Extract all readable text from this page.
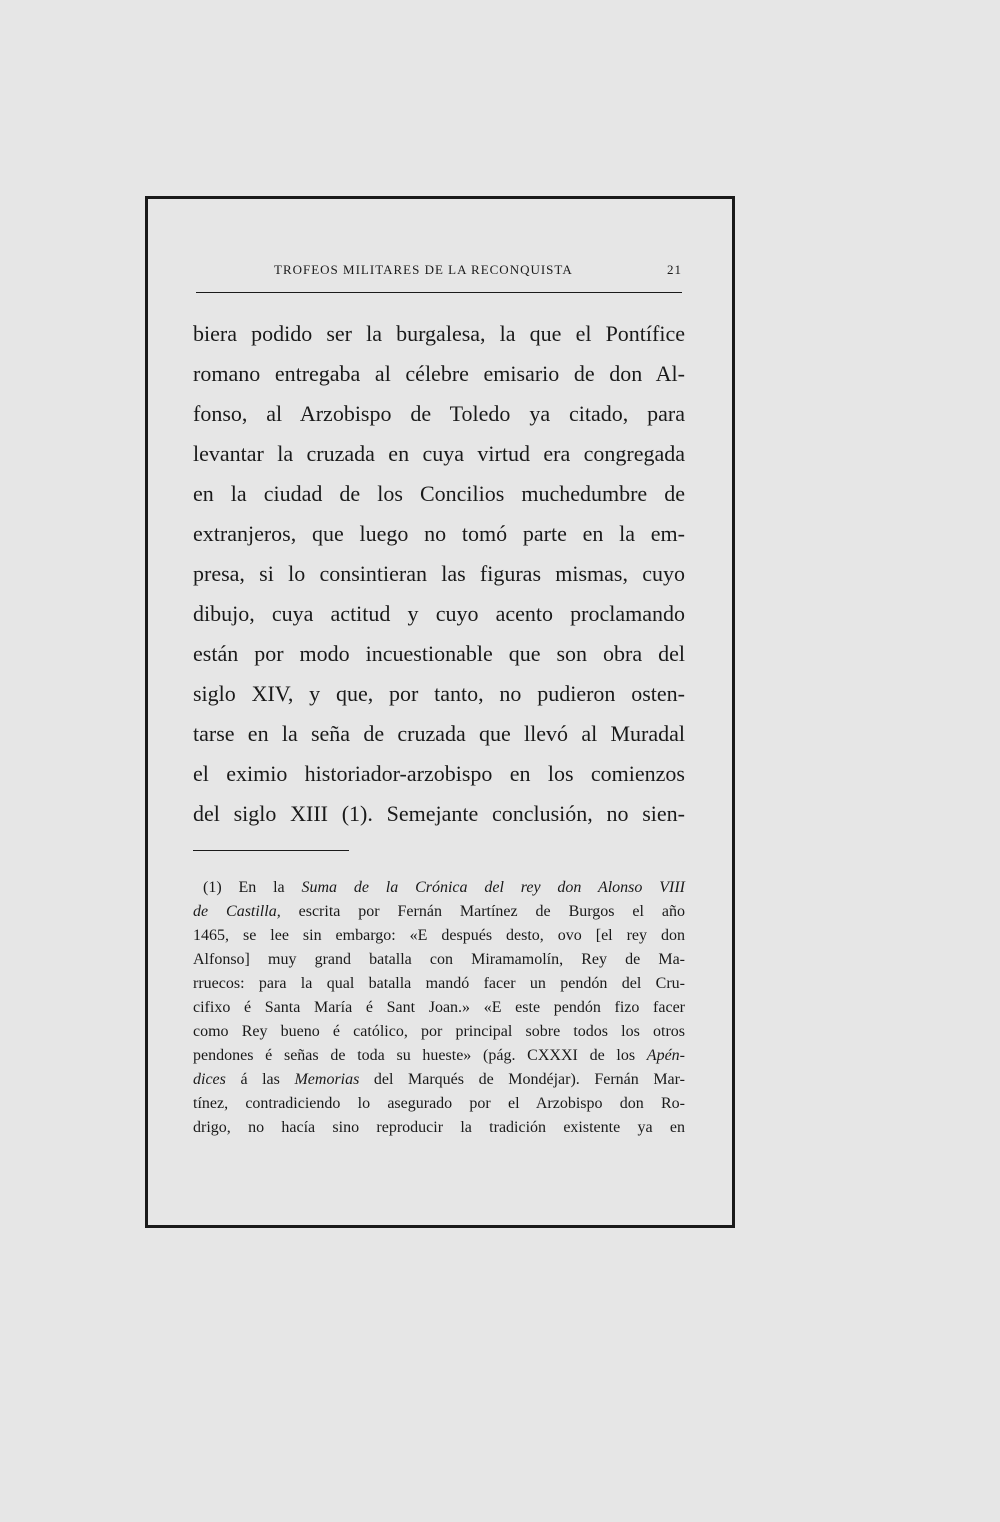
TROFEOS MILITARES DE LA RECONQUISTA	21
biera podido ser la burgalesa, la que el Pontífice
romano entregaba al célebre emisario de don Al-
fonso, al Arzobispo de Toledo ya citado, para
levantar la cruzada en cuya virtud era congregada
en la ciudad de los Concilios muchedumbre de
extranjeros, que luego no tomó parte en la em-
presa, si lo consintieran las figuras mismas, cuyo
dibujo, cuya actitud y cuyo acento proclamando
están por modo incuestionable que son obra del
siglo XIV, y que, por tanto, no pudieron osten-
tarse en la seña de cruzada que llevó al Muradal
el eximio historiador-arzobispo en los comienzos
del siglo XIII (1). Semejante conclusión, no sien-
(1) En la Suma de la Crónica del rey don Alonso VIII
de Castilla, escrita por Fernán Martínez de Burgos el año
1465, se lee sin embargo: «E después desto, ovo [el rey don
Alfonso] muy grand batalla con Miramamolín, Rey de Ma-
rruecos: para la qual batalla mandó facer un pendón del Cru-
cifixo é Santa María é Sant Joan.» «E este pendón fizo facer
como Rey bueno é católico, por principal sobre todos los otros
pendones é señas de toda su hueste» (pág. CXXXI de los Apén-
dices á las Memorias del Marqués de Mondéjar). Fernán Mar-
tínez, contradiciendo lo asegurado por el Arzobispo don Ro-
drigo, no hacía sino reproducir la tradición existente ya en
